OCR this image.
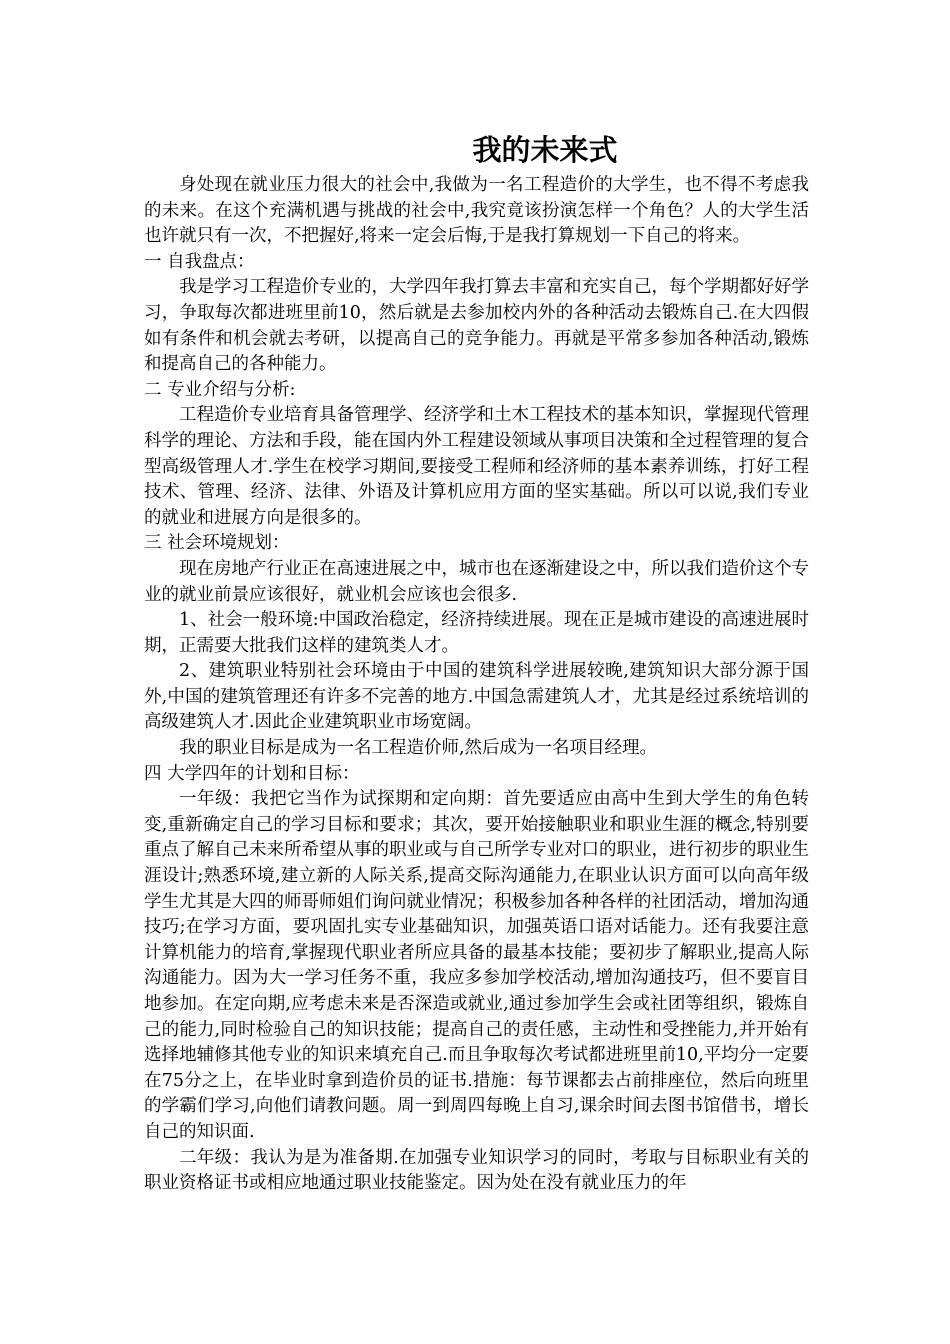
我的未来式

身处现在就业压力很大的社会中,我做为一名工程造价的大学生，也不得不考虑我的未来。在这个充满机遇与挑战的社会中,我究竟该扮演怎样一个角色？人的大学生活也许就只有一次，不把握好,将来一定会后悔,于是我打算规划一下自己的将来。

一 自我盘点：

我是学习工程造价专业的，大学四年我打算去丰富和充实自己，每个学期都好好学习，争取每次都进班里前10，然后就是去参加校内外的各种活动去锻炼自己.在大四假如有条件和机会就去考研，以提高自己的竞争能力。再就是平常多参加各种活动,锻炼和提高自己的各种能力。

二 专业介绍与分析:

工程造价专业培育具备管理学、经济学和土木工程技术的基本知识，掌握现代管理科学的理论、方法和手段，能在国内外工程建设领域从事项目决策和全过程管理的复合型高级管理人才.学生在校学习期间,要接受工程师和经济师的基本素养训练，打好工程技术、管理、经济、法律、外语及计算机应用方面的坚实基础。所以可以说,我们专业的就业和进展方向是很多的。

三 社会环境规划：

现在房地产行业正在高速进展之中，城市也在逐渐建设之中，所以我们造价这个专业的就业前景应该很好，就业机会应该也会很多.

1、社会一般环境:中国政治稳定，经济持续进展。现在正是城市建设的高速进展时期，正需要大批我们这样的建筑类人才。

2、建筑职业特别社会环境由于中国的建筑科学进展较晚,建筑知识大部分源于国外,中国的建筑管理还有许多不完善的地方.中国急需建筑人才，尤其是经过系统培训的高级建筑人才.因此企业建筑职业市场宽阔。

我的职业目标是成为一名工程造价师,然后成为一名项目经理。

四 大学四年的计划和目标：

一年级：我把它当作为试探期和定向期：首先要适应由高中生到大学生的角色转变,重新确定自己的学习目标和要求；其次，要开始接触职业和职业生涯的概念,特别要重点了解自己未来所希望从事的职业或与自己所学专业对口的职业，进行初步的职业生涯设计;熟悉环境,建立新的人际关系,提高交际沟通能力,在职业认识方面可以向高年级学生尤其是大四的师哥师姐们询问就业情况；积极参加各种各样的社团活动，增加沟通技巧;在学习方面，要巩固扎实专业基础知识，加强英语口语对话能力。还有我要注意计算机能力的培育,掌握现代职业者所应具备的最基本技能；要初步了解职业,提高人际沟通能力。因为大一学习任务不重，我应多参加学校活动,增加沟通技巧，但不要盲目地参加。在定向期,应考虑未来是否深造或就业,通过参加学生会或社团等组织，锻炼自己的能力,同时检验自己的知识技能；提高自己的责任感，主动性和受挫能力,并开始有选择地辅修其他专业的知识来填充自己.而且争取每次考试都进班里前10,平均分一定要在75分之上，在毕业时拿到造价员的证书.措施：每节课都去占前排座位，然后向班里的学霸们学习,向他们请教问题。周一到周四每晚上自习,课余时间去图书馆借书，增长自己的知识面.

二年级：我认为是为准备期.在加强专业知识学习的同时，考取与目标职业有关的职业资格证书或相应地通过职业技能鉴定。因为处在没有就业压力的年
